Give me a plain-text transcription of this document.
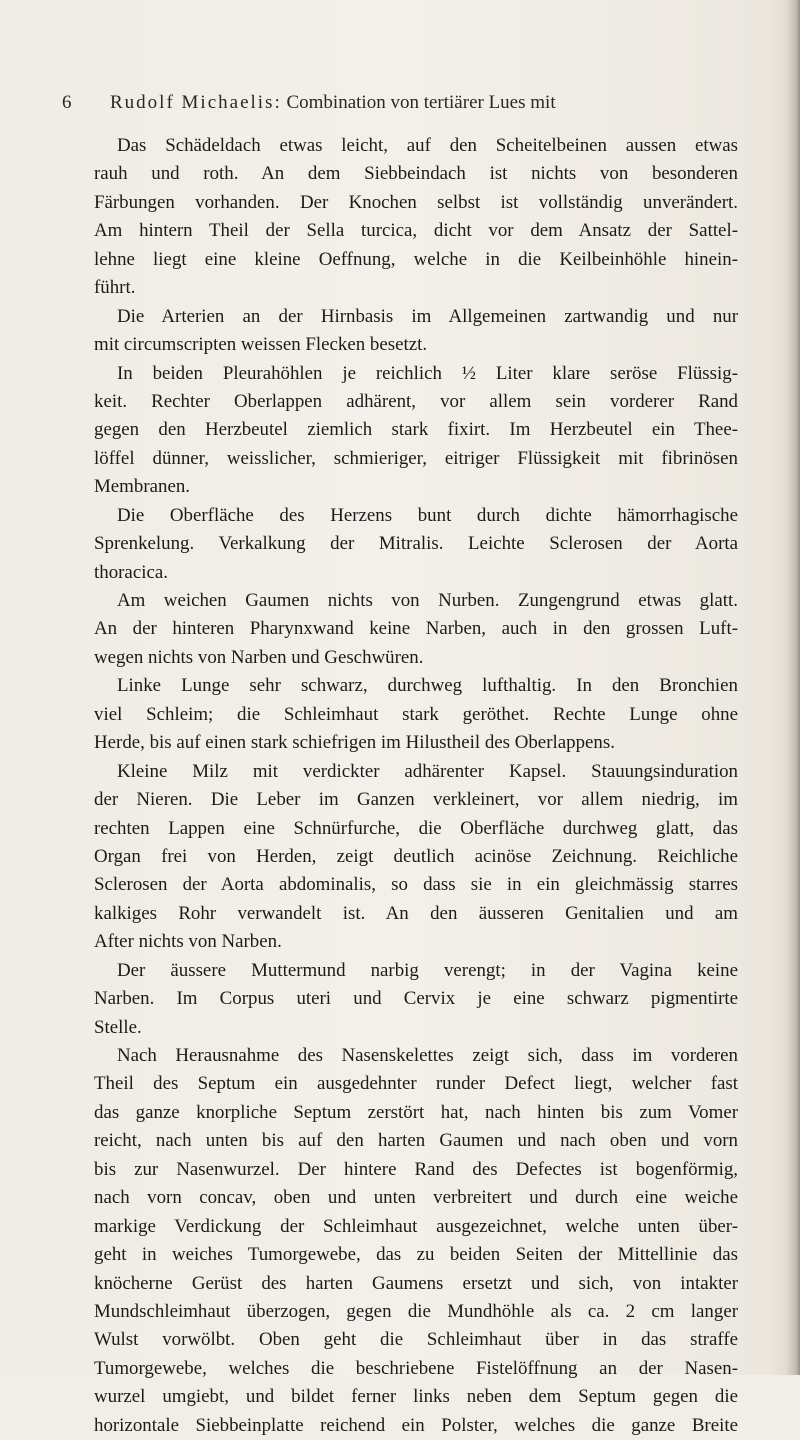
6 Rudolf Michaelis: Combination von tertiärer Lues mit
Das Schädeldach etwas leicht, auf den Scheitelbeinen aussen etwas
rauh und roth. An dem Siebbeindach ist nichts von besonderen
Färbungen vorhanden. Der Knochen selbst ist vollständig unverändert.
Am hintern Theil der Sella turcica, dicht vor dem Ansatz der Sattel-
lehne liegt eine kleine Oeffnung, welche in die Keilbeinhöhle hinein-
führt.
Die Arterien an der Hirnbasis im Allgemeinen zartwandig und nur
mit circumscripten weissen Flecken besetzt.
In beiden Pleurahöhlen je reichlich ½ Liter klare seröse Flüssig-
keit. Rechter Oberlappen adhärent, vor allem sein vorderer Rand
gegen den Herzbeutel ziemlich stark fixirt. Im Herzbeutel ein Thee-
löffel dünner, weisslicher, schmieriger, eitriger Flüssigkeit mit fibrinösen
Membranen.
Die Oberfläche des Herzens bunt durch dichte hämorrhagische
Sprenkelung. Verkalkung der Mitralis. Leichte Sclerosen der Aorta
thoracica.
Am weichen Gaumen nichts von Nurben. Zungengrund etwas glatt.
An der hinteren Pharynxwand keine Narben, auch in den grossen Luft-
wegen nichts von Narben und Geschwüren.
Linke Lunge sehr schwarz, durchweg lufthaltig. In den Bronchien
viel Schleim; die Schleimhaut stark geröthet. Rechte Lunge ohne
Herde, bis auf einen stark schiefrigen im Hilustheil des Oberlappens.
Kleine Milz mit verdickter adhärenter Kapsel. Stauungsinduration
der Nieren. Die Leber im Ganzen verkleinert, vor allem niedrig, im
rechten Lappen eine Schnürfurche, die Oberfläche durchweg glatt, das
Organ frei von Herden, zeigt deutlich acinöse Zeichnung. Reichliche
Sclerosen der Aorta abdominalis, so dass sie in ein gleichmässig starres
kalkiges Rohr verwandelt ist. An den äusseren Genitalien und am
After nichts von Narben.
Der äussere Muttermund narbig verengt; in der Vagina keine
Narben. Im Corpus uteri und Cervix je eine schwarz pigmentirte
Stelle.
Nach Herausnahme des Nasenskelettes zeigt sich, dass im vorderen
Theil des Septum ein ausgedehnter runder Defect liegt, welcher fast
das ganze knorpliche Septum zerstört hat, nach hinten bis zum Vomer
reicht, nach unten bis auf den harten Gaumen und nach oben und vorn
bis zur Nasenwurzel. Der hintere Rand des Defectes ist bogenförmig,
nach vorn concav, oben und unten verbreitert und durch eine weiche
markige Verdickung der Schleimhaut ausgezeichnet, welche unten über-
geht in weiches Tumorgewebe, das zu beiden Seiten der Mittellinie das
knöcherne Gerüst des harten Gaumens ersetzt und sich, von intakter
Mundschleimhaut überzogen, gegen die Mundhöhle als ca. 2 cm langer
Wulst vorwölbt. Oben geht die Schleimhaut über in das straffe
Tumorgewebe, welches die beschriebene Fistelöffnung an der Nasen-
wurzel umgiebt, und bildet ferner links neben dem Septum gegen die
horizontale Siebbeinplatte reichend ein Polster, welches die ganze Breite
